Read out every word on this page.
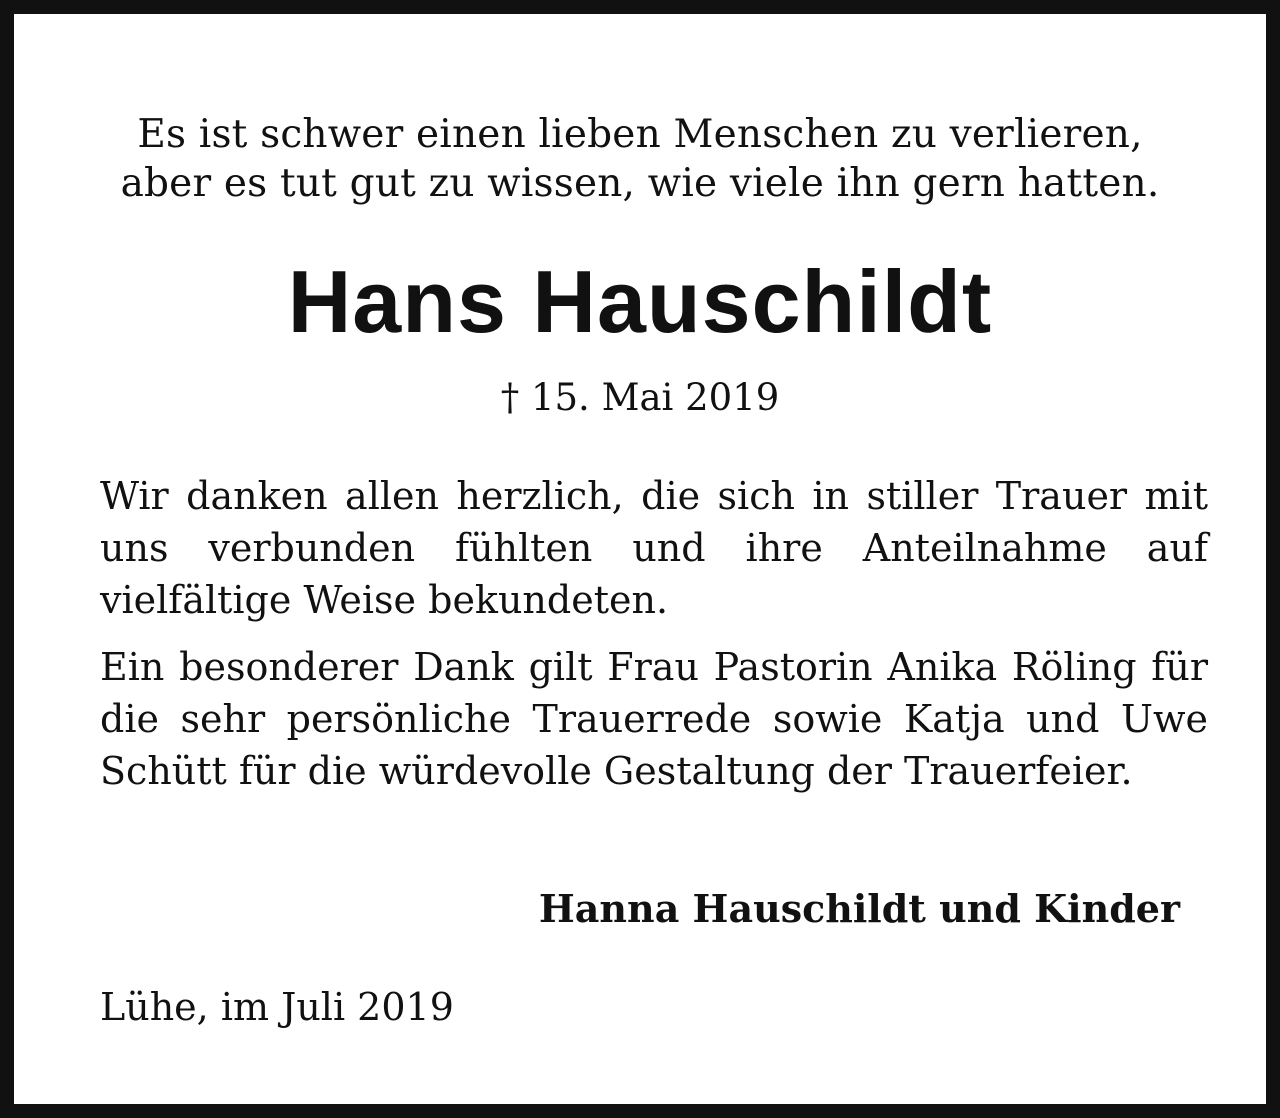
Es ist schwer einen lieben Menschen zu verlieren,
aber es tut gut zu wissen, wie viele ihn gern hatten.
Hans Hauschildt
† 15. Mai 2019
Wir danken allen herzlich, die sich in stiller Trauer mit uns verbunden fühlten und ihre Anteilnahme auf vielfältige Weise bekundeten.
Ein besonderer Dank gilt Frau Pastorin Anika Röling für die sehr persönliche Trauerrede sowie Katja und Uwe Schütt für die würdevolle Gestaltung der Trauerfeier.
Hanna Hauschildt und Kinder
Lühe, im Juli 2019
